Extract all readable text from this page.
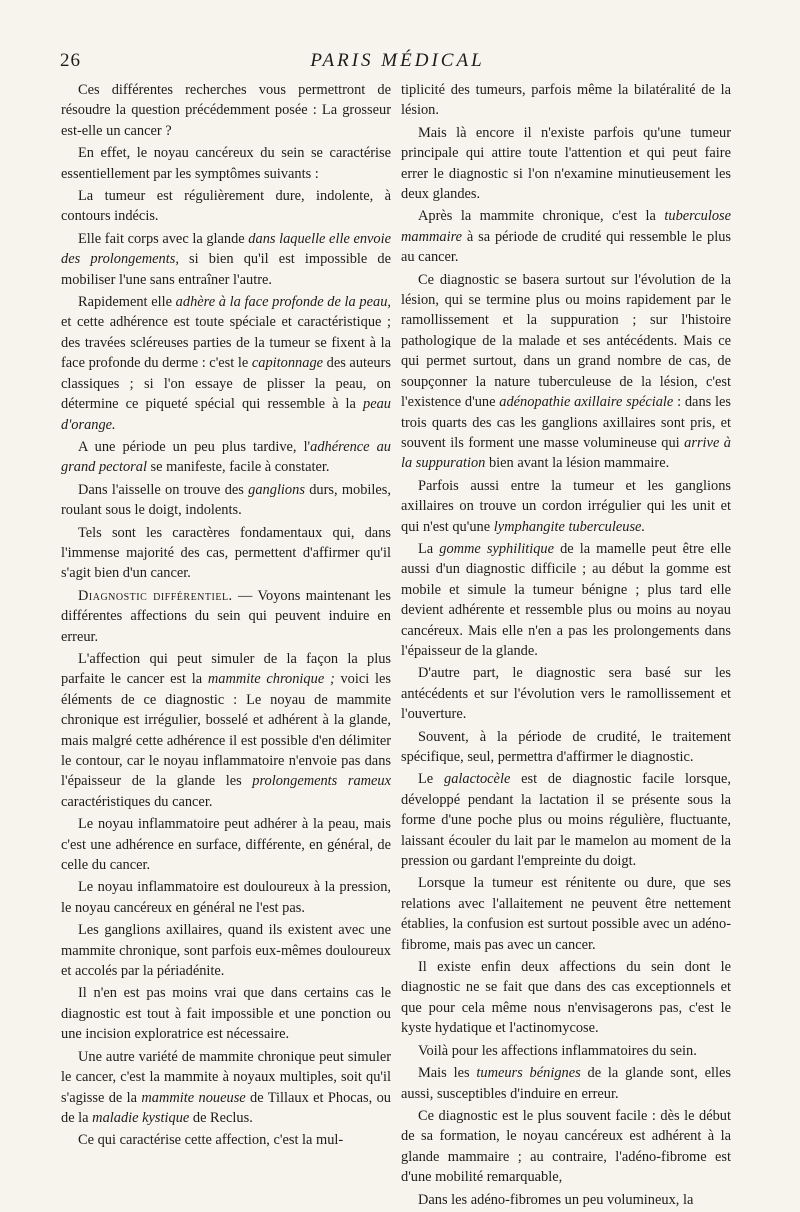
26	PARIS MÉDICAL

Ces différentes recherches vous permettront de résoudre la question précédemment posée : La grosseur est-elle un cancer ?

En effet, le noyau cancéreux du sein se caractérise essentiellement par les symptômes suivants :

La tumeur est régulièrement dure, indolente, à contours indécis.

Elle fait corps avec la glande dans laquelle elle envoie des prolongements, si bien qu'il est impossible de mobiliser l'une sans entraîner l'autre.

Rapidement elle adhère à la face profonde de la peau, et cette adhérence est toute spéciale et caractéristique ; des travées scléreuses parties de la tumeur se fixent à la face profonde du derme : c'est le capitonnage des auteurs classiques ; si l'on essaye de plisser la peau, on détermine ce piqueté spécial qui ressemble à la peau d'orange.

A une période un peu plus tardive, l'adhérence au grand pectoral se manifeste, facile à constater.

Dans l'aisselle on trouve des ganglions durs, mobiles, roulant sous le doigt, indolents.

Tels sont les caractères fondamentaux qui, dans l'immense majorité des cas, permettent d'affirmer qu'il s'agit bien d'un cancer.

Diagnostic différentiel. — Voyons maintenant les différentes affections du sein qui peuvent induire en erreur.

L'affection qui peut simuler de la façon la plus parfaite le cancer est la mammite chronique ; voici les éléments de ce diagnostic : Le noyau de mammite chronique est irrégulier, bosselé et adhérent à la glande, mais malgré cette adhérence il est possible d'en délimiter le contour, car le noyau inflammatoire n'envoie pas dans l'épaisseur de la glande les prolongements rameux caractéristiques du cancer.

Le noyau inflammatoire peut adhérer à la peau, mais c'est une adhérence en surface, différente, en général, de celle du cancer.

Le noyau inflammatoire est douloureux à la pression, le noyau cancéreux en général ne l'est pas.

Les ganglions axillaires, quand ils existent avec une mammite chronique, sont parfois eux-mêmes douloureux et accolés par la périadénite.

Il n'en est pas moins vrai que dans certains cas le diagnostic est tout à fait impossible et une ponction ou une incision exploratrice est nécessaire.

Une autre variété de mammite chronique peut simuler le cancer, c'est la mammite à noyaux multiples, soit qu'il s'agisse de la mammite noueuse de Tillaux et Phocas, ou de la maladie kystique de Reclus.

Ce qui caractérise cette affection, c'est la mul-

tiplicité des tumeurs, parfois même la bilatéralité de la lésion.

Mais là encore il n'existe parfois qu'une tumeur principale qui attire toute l'attention et qui peut faire errer le diagnostic si l'on n'examine minutieusement les deux glandes.

Après la mammite chronique, c'est la tuberculose mammaire à sa période de crudité qui ressemble le plus au cancer.

Ce diagnostic se basera surtout sur l'évolution de la lésion, qui se termine plus ou moins rapidement par le ramollissement et la suppuration ; sur l'histoire pathologique de la malade et ses antécédents. Mais ce qui permet surtout, dans un grand nombre de cas, de soupçonner la nature tuberculeuse de la lésion, c'est l'existence d'une adénopathie axillaire spéciale : dans les trois quarts des cas les ganglions axillaires sont pris, et souvent ils forment une masse volumineuse qui arrive à la suppuration bien avant la lésion mammaire.

Parfois aussi entre la tumeur et les ganglions axillaires on trouve un cordon irrégulier qui les unit et qui n'est qu'une lymphangite tuberculeuse.

La gomme syphilitique de la mamelle peut être elle aussi d'un diagnostic difficile ; au début la gomme est mobile et simule la tumeur bénigne ; plus tard elle devient adhérente et ressemble plus ou moins au noyau cancéreux. Mais elle n'en a pas les prolongements dans l'épaisseur de la glande.

D'autre part, le diagnostic sera basé sur les antécédents et sur l'évolution vers le ramollissement et l'ouverture.

Souvent, à la période de crudité, le traitement spécifique, seul, permettra d'affirmer le diagnostic.

Le galactocèle est de diagnostic facile lorsque, développé pendant la lactation il se présente sous la forme d'une poche plus ou moins régulière, fluctuante, laissant écouler du lait par le mamelon au moment de la pression ou gardant l'empreinte du doigt.

Lorsque la tumeur est rénitente ou dure, que ses relations avec l'allaitement ne peuvent être nettement établies, la confusion est surtout possible avec un adéno-fibrome, mais pas avec un cancer.

Il existe enfin deux affections du sein dont le diagnostic ne se fait que dans des cas exceptionnels et que pour cela même nous n'envisagerons pas, c'est le kyste hydatique et l'actinomycose.

Voilà pour les affections inflammatoires du sein.

Mais les tumeurs bénignes de la glande sont, elles aussi, susceptibles d'induire en erreur.

Ce diagnostic est le plus souvent facile : dès le début de sa formation, le noyau cancéreux est adhérent à la glande mammaire ; au contraire, l'adéno-fibrome est d'une mobilité remarquable,

Dans les adéno-fibromes un peu volumineux, la
